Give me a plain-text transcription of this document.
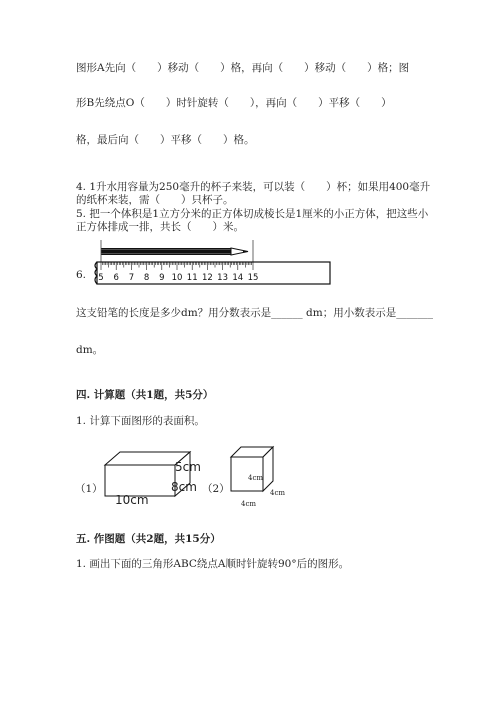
图形A先向（　　）移动（　　）格，再向（　　）移动（　　）格；图
形B先绕点O（　　）时针旋转（　　），再向（　　）平移（　　）
格，最后向（　　）平移（　　）格。
4. 1升水用容量为250毫升的杯子来装，可以装（　　）杯；如果用400毫升
的纸杯来装，需（　　）只杯子。
5. 把一个体积是1立方分米的正方体切成棱长是1厘米的小正方体，把这些小
正方体排成一排，共长（　　）米。
6. 5 6 7 8 9 10 11 12 13 14 15
这支铅笔的长度是多少dm？用分数表示是______ dm；用小数表示是_______
dm。
四. 计算题（共1题，共5分）
1. 计算下面图形的表面积。
（1）
5cm
8cm
10cm
（2）
4cm
4cm
4cm
五. 作图题（共2题，共15分）
1. 画出下面的三角形ABC绕点A顺时针旋转90°后的图形。
